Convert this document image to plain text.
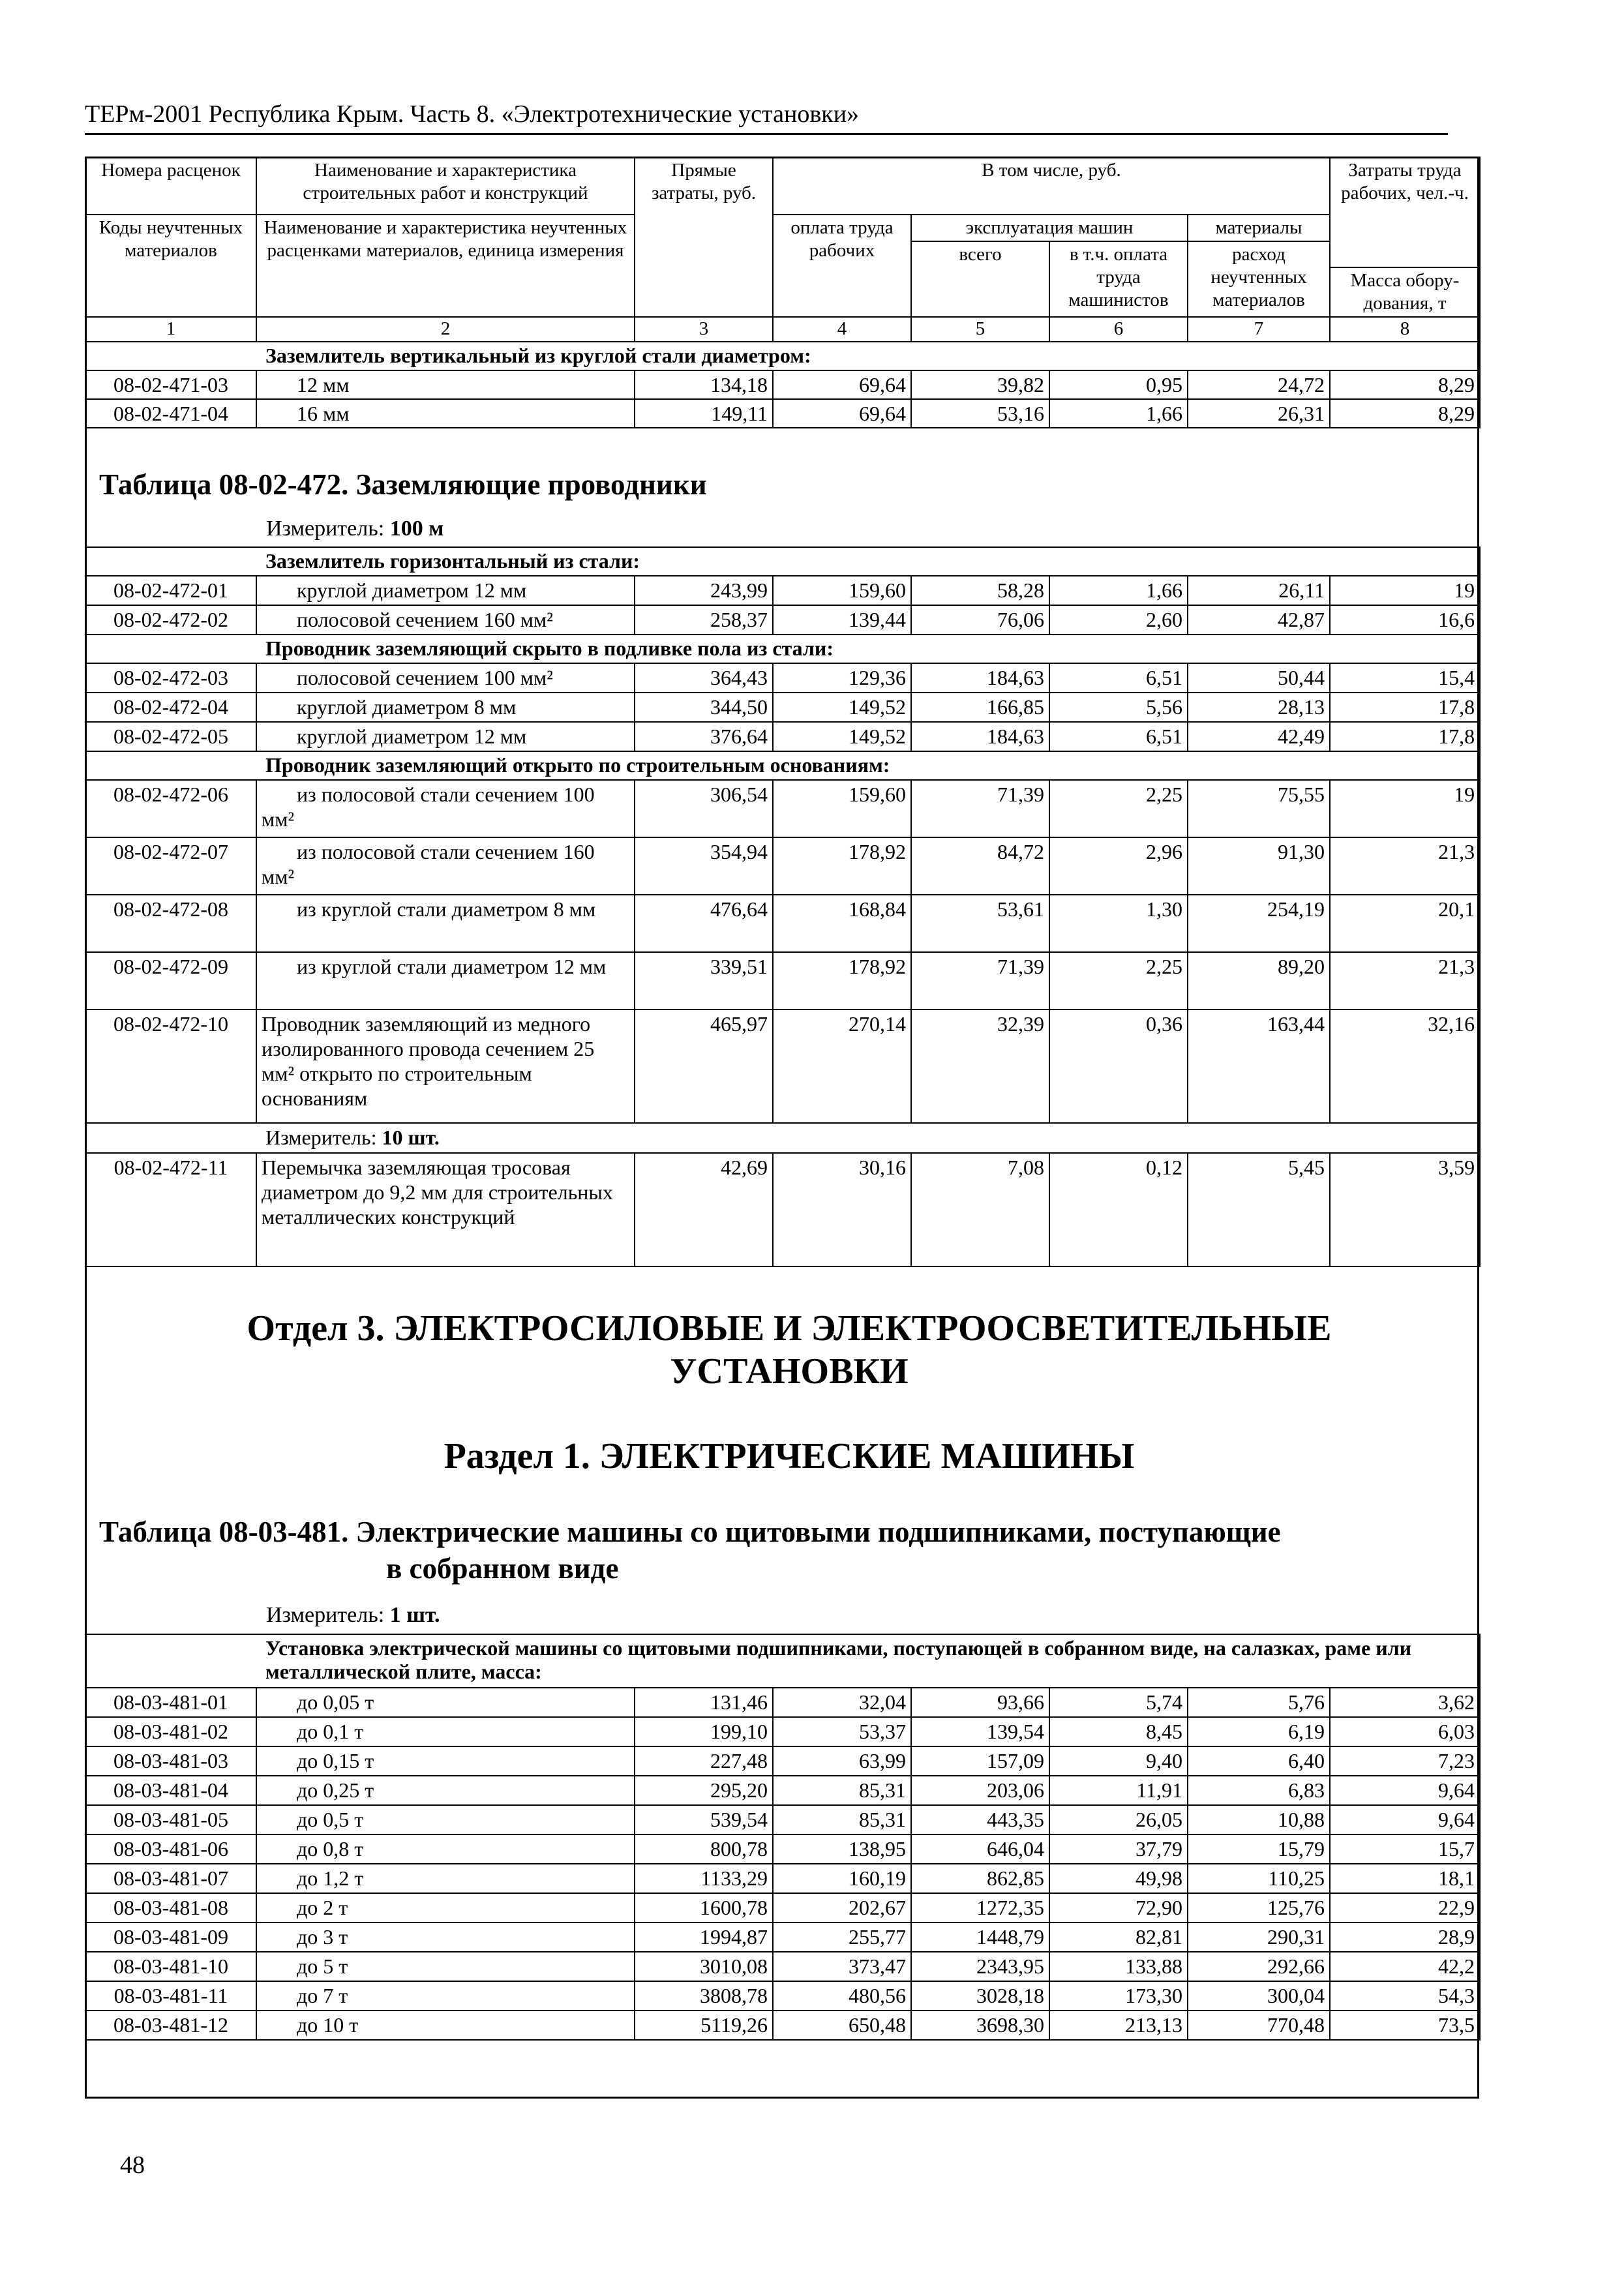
ТЕРм-2001 Республика Крым. Часть 8. «Электротехнические установки»
Номера расценок	Наименование и характеристика строительных работ и конструкций	Прямые затраты, руб.	В том числе, руб.				Затраты труда рабочих, чел.-ч.
Коды неучтенных материалов	Наименование и характеристика неучтенных расценками материалов, единица измерения		оплата труда рабочих	эксплуатация машин		материалы	
				всего	в т.ч. оплата труда машинистов	расход неучтенных материалов	
							Масса обору-дования, т
1	2	3	4	5	6	7	8
Заземлитель вертикальный из круглой стали диаметром:							
08-02-471-03	12 мм	134,18	69,64	39,82	0,95	24,72	8,29
08-02-471-04	16 мм	149,11	69,64	53,16	1,66	26,31	8,29
Таблица 08-02-472. Заземляющие проводники
Измеритель: 100 м
Заземлитель горизонтальный из стали:							
08-02-472-01	круглой диаметром 12 мм	243,99	159,60	58,28	1,66	26,11	19
08-02-472-02	полосовой сечением 160 мм²	258,37	139,44	76,06	2,60	42,87	16,6
Проводник заземляющий скрыто в подливке пола из стали:							
08-02-472-03	полосовой сечением 100 мм²	364,43	129,36	184,63	6,51	50,44	15,4
08-02-472-04	круглой диаметром 8 мм	344,50	149,52	166,85	5,56	28,13	17,8
08-02-472-05	круглой диаметром 12 мм	376,64	149,52	184,63	6,51	42,49	17,8
Проводник заземляющий открыто по строительным основаниям:							
08-02-472-06	из полосовой стали сечением 100 мм²	306,54	159,60	71,39	2,25	75,55	19
08-02-472-07	из полосовой стали сечением 160 мм²	354,94	178,92	84,72	2,96	91,30	21,3
08-02-472-08	из круглой стали диаметром 8 мм	476,64	168,84	53,61	1,30	254,19	20,1
08-02-472-09	из круглой стали диаметром 12 мм	339,51	178,92	71,39	2,25	89,20	21,3
08-02-472-10	Проводник заземляющий из медного изолированного провода сечением 25 мм² открыто по строительным основаниям	465,97	270,14	32,39	0,36	163,44	32,16
Измеритель: 10 шт.							
08-02-472-11	Перемычка заземляющая тросовая диаметром до 9,2 мм для строительных металлических конструкций	42,69	30,16	7,08	0,12	5,45	3,59
Отдел 3. ЭЛЕКТРОСИЛОВЫЕ И ЭЛЕКТРООСВЕТИТЕЛЬНЫЕ УСТАНОВКИ
Раздел 1. ЭЛЕКТРИЧЕСКИЕ МАШИНЫ
Таблица 08-03-481. Электрические машины со щитовыми подшипниками, поступающие
в собранном виде
Измеритель: 1 шт.
Установка электрической машины со щитовыми подшипниками, поступающей в собранном виде, на салазках, раме или металлической плите, масса:							
08-03-481-01	до 0,05 т	131,46	32,04	93,66	5,74	5,76	3,62
08-03-481-02	до 0,1 т	199,10	53,37	139,54	8,45	6,19	6,03
08-03-481-03	до 0,15 т	227,48	63,99	157,09	9,40	6,40	7,23
08-03-481-04	до 0,25 т	295,20	85,31	203,06	11,91	6,83	9,64
08-03-481-05	до 0,5 т	539,54	85,31	443,35	26,05	10,88	9,64
08-03-481-06	до 0,8 т	800,78	138,95	646,04	37,79	15,79	15,7
08-03-481-07	до 1,2 т	1133,29	160,19	862,85	49,98	110,25	18,1
08-03-481-08	до 2 т	1600,78	202,67	1272,35	72,90	125,76	22,9
08-03-481-09	до 3 т	1994,87	255,77	1448,79	82,81	290,31	28,9
08-03-481-10	до 5 т	3010,08	373,47	2343,95	133,88	292,66	42,2
08-03-481-11	до 7 т	3808,78	480,56	3028,18	173,30	300,04	54,3
08-03-481-12	до 10 т	5119,26	650,48	3698,30	213,13	770,48	73,5
48
